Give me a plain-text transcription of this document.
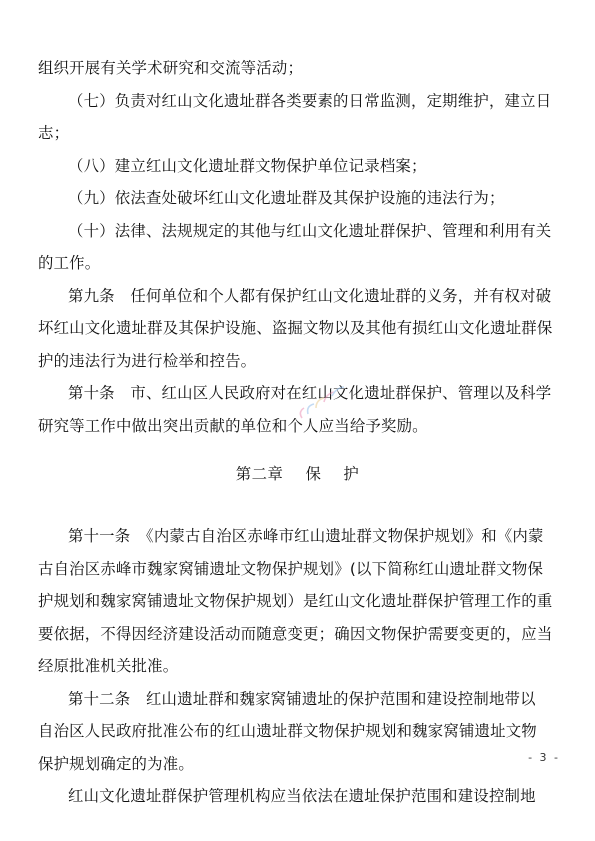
组织开展有关学术研究和交流等活动；

（七）负责对红山文化遗址群各类要素的日常监测，定期维护，建立日

志；

（八）建立红山文化遗址群文物保护单位记录档案；

（九）依法查处破坏红山文化遗址群及其保护设施的违法行为；

（十）法律、法规规定的其他与红山文化遗址群保护、管理和利用有关

的工作。

第九条　任何单位和个人都有保护红山文化遗址群的义务，并有权对破

坏红山文化遗址群及其保护设施、盗掘文物以及其他有损红山文化遗址群保

护的违法行为进行检举和控告。

第十条　市、红山区人民政府对在红山文化遗址群保护、管理以及科学

研究等工作中做出突出贡献的单位和个人应当给予奖励。

第二章 保 护

第十一条　《内蒙古自治区赤峰市红山遗址群文物保护规划》和《内蒙

古自治区赤峰市魏家窝铺遗址文物保护规划》(以下简称红山遗址群文物保

护规划和魏家窝铺遗址文物保护规划）是红山文化遗址群保护管理工作的重

要依据，不得因经济建设活动而随意变更；确因文物保护需要变更的，应当

经原批准机关批准。

第十二条　红山遗址群和魏家窝铺遗址的保护范围和建设控制地带以

自治区人民政府批准公布的红山遗址群文物保护规划和魏家窝铺遗址文物

保护规划确定的为准。

红山文化遗址群保护管理机构应当依法在遗址保护范围和建设控制地

- 3 -
